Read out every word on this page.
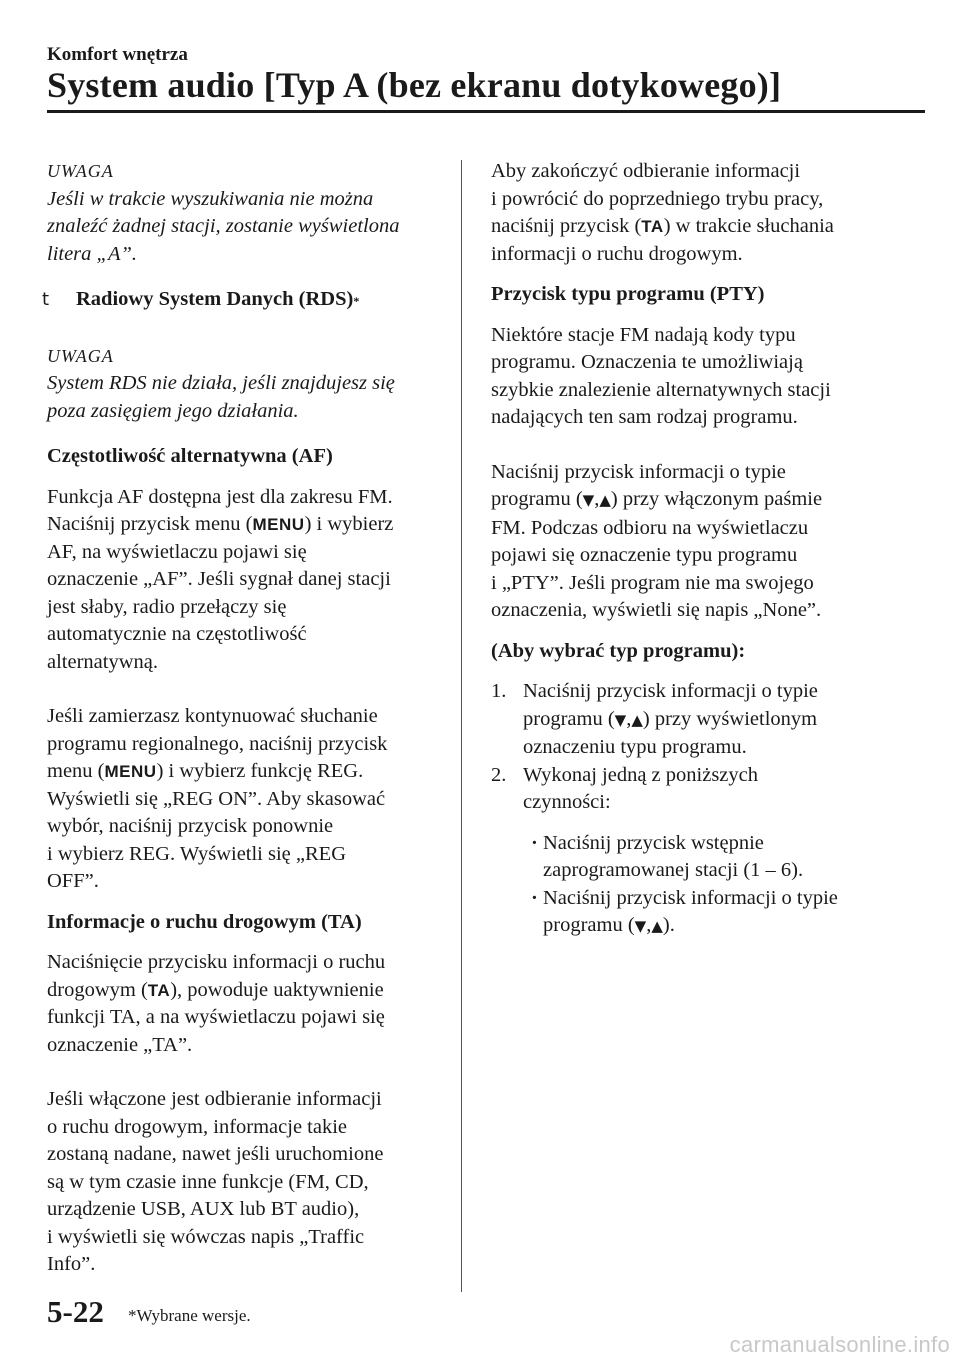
Komfort wnętrza
System audio [Typ A (bez ekranu dotykowego)]

UWAGA

Jeśli w trakcie wyszukiwania nie można

znaleźć żadnej stacji, zostanie wyświetlona

litera „A”.

t	Radiowy System Danych (RDS) *

UWAGA

System RDS nie działa, jeśli znajdujesz się

poza zasięgiem jego działania.

Częstotliwość alternatywna (AF)

Funkcja AF dostępna jest dla zakresu FM.

Naciśnij przycisk menu (MENU) i wybierz

AF, na wyświetlaczu pojawi się

oznaczenie „AF”. Jeśli sygnał danej stacji

jest słaby, radio przełączy się

automatycznie na częstotliwość

alternatywną.

Jeśli zamierzasz kontynuować słuchanie

programu regionalnego, naciśnij przycisk

menu (MENU) i wybierz funkcję REG.

Wyświetli się „REG ON”. Aby skasować

wybór, naciśnij przycisk ponownie

i wybierz REG. Wyświetli się „REG

OFF”.

Informacje o ruchu drogowym (TA)

Naciśnięcie przycisku informacji o ruchu

drogowym (TA), powoduje uaktywnienie

funkcji TA, a na wyświetlaczu pojawi się

oznaczenie „TA”.

Jeśli włączone jest odbieranie informacji

o ruchu drogowym, informacje takie

zostaną nadane, nawet jeśli uruchomione

są w tym czasie inne funkcje (FM, CD,

urządzenie USB, AUX lub BT audio),

i wyświetli się wówczas napis „Traffic

Info”.

Aby zakończyć odbieranie informacji

i powrócić do poprzedniego trybu pracy,

naciśnij przycisk (TA) w trakcie słuchania

informacji o ruchu drogowym.

Przycisk typu programu (PTY)

Niektóre stacje FM nadają kody typu

programu. Oznaczenia te umożliwiają

szybkie znalezienie alternatywnych stacji

nadających ten sam rodzaj programu.

Naciśnij przycisk informacji o typie

programu (▼,▲) przy włączonym paśmie

FM. Podczas odbioru na wyświetlaczu

pojawi się oznaczenie typu programu

i „PTY”. Jeśli program nie ma swojego

oznaczenia, wyświetli się napis „None”.

(Aby wybrać typ programu):

1. Naciśnij przycisk informacji o typie

programu (▼,▲) przy wyświetlonym

oznaczeniu typu programu.

2. Wykonaj jedną z poniższych

czynności:

· Naciśnij przycisk wstępnie

zaprogramowanej stacji (1 – 6).

· Naciśnij przycisk informacji o typie

programu (▼,▲).

5-22 *Wybrane wersje.
carmanualsonline.info
